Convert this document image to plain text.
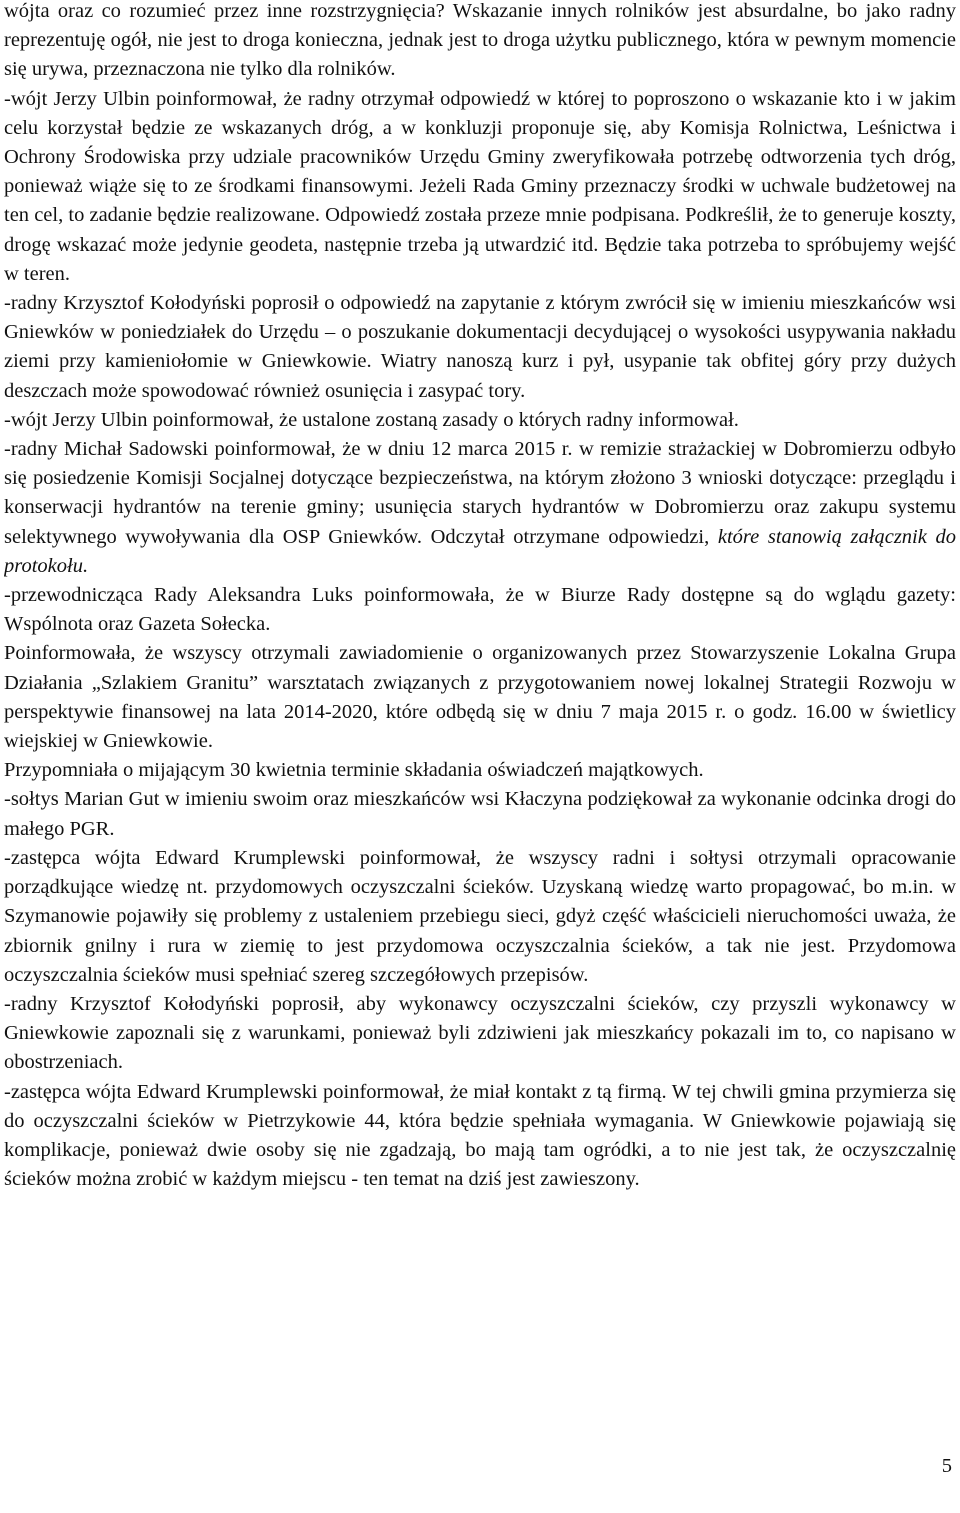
wójta oraz co rozumieć przez inne rozstrzygnięcia? Wskazanie innych rolników jest absurdalne, bo jako radny reprezentuję ogół, nie jest to droga konieczna, jednak jest to droga użytku publicznego, która w pewnym momencie się urywa, przeznaczona nie tylko dla rolników.

-wójt Jerzy Ulbin poinformował, że radny otrzymał odpowiedź w której to poproszono o wskazanie kto i w jakim celu korzystał będzie ze wskazanych dróg, a w konkluzji proponuje się, aby Komisja Rolnictwa, Leśnictwa i Ochrony Środowiska przy udziale pracowników Urzędu Gminy zweryfikowała potrzebę odtworzenia tych dróg, ponieważ wiąże się to ze środkami finansowymi. Jeżeli Rada Gminy przeznaczy środki w uchwale budżetowej na ten cel, to zadanie będzie realizowane. Odpowiedź została przeze mnie podpisana. Podkreślił, że to generuje koszty, drogę wskazać może jedynie geodeta, następnie trzeba ją utwardzić itd. Będzie taka potrzeba to spróbujemy wejść w teren.

-radny Krzysztof Kołodyński poprosił o odpowiedź na zapytanie z którym zwrócił się w imieniu mieszkańców wsi Gniewków w poniedziałek do Urzędu – o poszukanie dokumentacji decydującej o wysokości usypywania nakładu ziemi przy kamieniołomie w Gniewkowie. Wiatry nanoszą kurz i pył, usypanie tak obfitej góry przy dużych deszczach może spowodować również osunięcia i zasypać tory.

-wójt Jerzy Ulbin poinformował, że ustalone zostaną zasady o których radny informował.

-radny Michał Sadowski poinformował, że w dniu 12 marca 2015 r. w remizie strażackiej w Dobromierzu odbyło się posiedzenie Komisji Socjalnej dotyczące bezpieczeństwa, na którym złożono 3 wnioski dotyczące: przeglądu i konserwacji hydrantów na terenie gminy; usunięcia starych hydrantów w Dobromierzu oraz zakupu systemu selektywnego wywoływania dla OSP Gniewków. Odczytał otrzymane odpowiedzi, które stanowią załącznik do protokołu.

-przewodnicząca Rady Aleksandra Luks poinformowała, że w Biurze Rady dostępne są do wglądu gazety: Wspólnota oraz Gazeta Sołecka.

Poinformowała, że wszyscy otrzymali zawiadomienie o organizowanych przez Stowarzyszenie Lokalna Grupa Działania „Szlakiem Granitu” warsztatach związanych z przygotowaniem nowej lokalnej Strategii Rozwoju w perspektywie finansowej na lata 2014-2020, które odbędą się w dniu 7 maja 2015 r. o godz. 16.00 w świetlicy wiejskiej w Gniewkowie.

Przypomniała o mijającym 30 kwietnia terminie składania oświadczeń majątkowych.

-sołtys Marian Gut w imieniu swoim oraz mieszkańców wsi Kłaczyna podziękował za wykonanie odcinka drogi do małego PGR.

-zastępca wójta Edward Krumplewski poinformował, że wszyscy radni i sołtysi otrzymali opracowanie porządkujące wiedzę nt. przydomowych oczyszczalni ścieków. Uzyskaną wiedzę warto propagować, bo m.in. w Szymanowie pojawiły się problemy z ustaleniem przebiegu sieci, gdyż część właścicieli nieruchomości uważa, że zbiornik gnilny i rura w ziemię to jest przydomowa oczyszczalnia ścieków, a tak nie jest. Przydomowa oczyszczalnia ścieków musi spełniać szereg szczegółowych przepisów.

-radny Krzysztof Kołodyński poprosił, aby wykonawcy oczyszczalni ścieków, czy przyszli wykonawcy w Gniewkowie zapoznali się z warunkami, ponieważ byli zdziwieni jak mieszkańcy pokazali im to, co napisano w obostrzeniach.

-zastępca wójta Edward Krumplewski poinformował, że miał kontakt z tą firmą. W tej chwili gmina przymierza się do oczyszczalni ścieków w Pietrzykowie 44, która będzie spełniała wymagania. W Gniewkowie pojawiają się komplikacje, ponieważ dwie osoby się nie zgadzają, bo mają tam ogródki, a to nie jest tak, że oczyszczalnię ścieków można zrobić w każdym miejscu - ten temat na dziś jest zawieszony.

5
